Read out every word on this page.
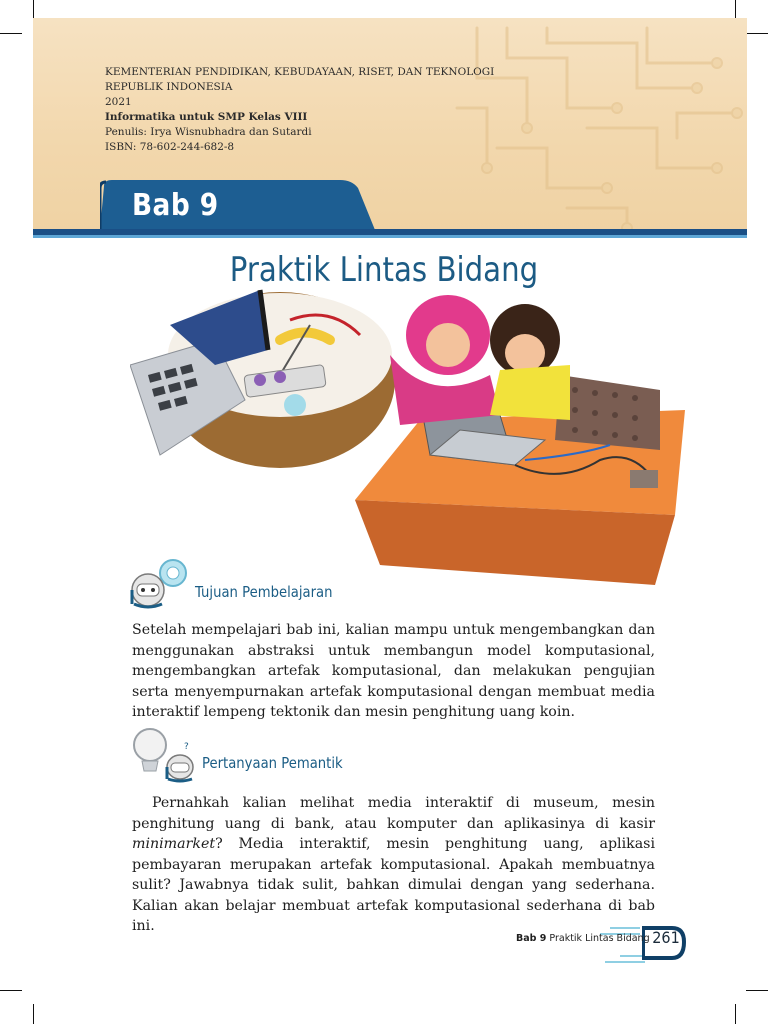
KEMENTERIAN PENDIDIKAN, KEBUDAYAAN, RISET, DAN TEKNOLOGI
REPUBLIK INDONESIA
2021
Informatika untuk SMP Kelas VIII
Penulis: Irya Wisnubhadra dan Sutardi
ISBN: 78-602-244-682-8
Bab 9
Praktik Lintas Bidang
Tujuan Pembelajaran
Setelah mempelajari bab ini, kalian mampu untuk mengembangkan dan menggunakan abstraksi untuk membangun model komputasional, mengembangkan artefak komputasional, dan melakukan pengujian serta menyempurnakan artefak komputasional dengan membuat media interaktif lempeng tektonik dan mesin penghitung uang koin.
?
Pertanyaan Pemantik
Pernahkah kalian melihat media interaktif di museum, mesin penghitung uang di bank, atau komputer dan aplikasinya di kasir minimarket? Media interaktif, mesin penghitung uang, aplikasi pembayaran merupakan artefak komputasional. Apakah membuatnya sulit? Jawabnya tidak sulit, bahkan dimulai dengan yang sederhana. Kalian akan belajar membuat artefak komputasional sederhana di bab ini.
Bab 9 Praktik Lintas Bidang 261
